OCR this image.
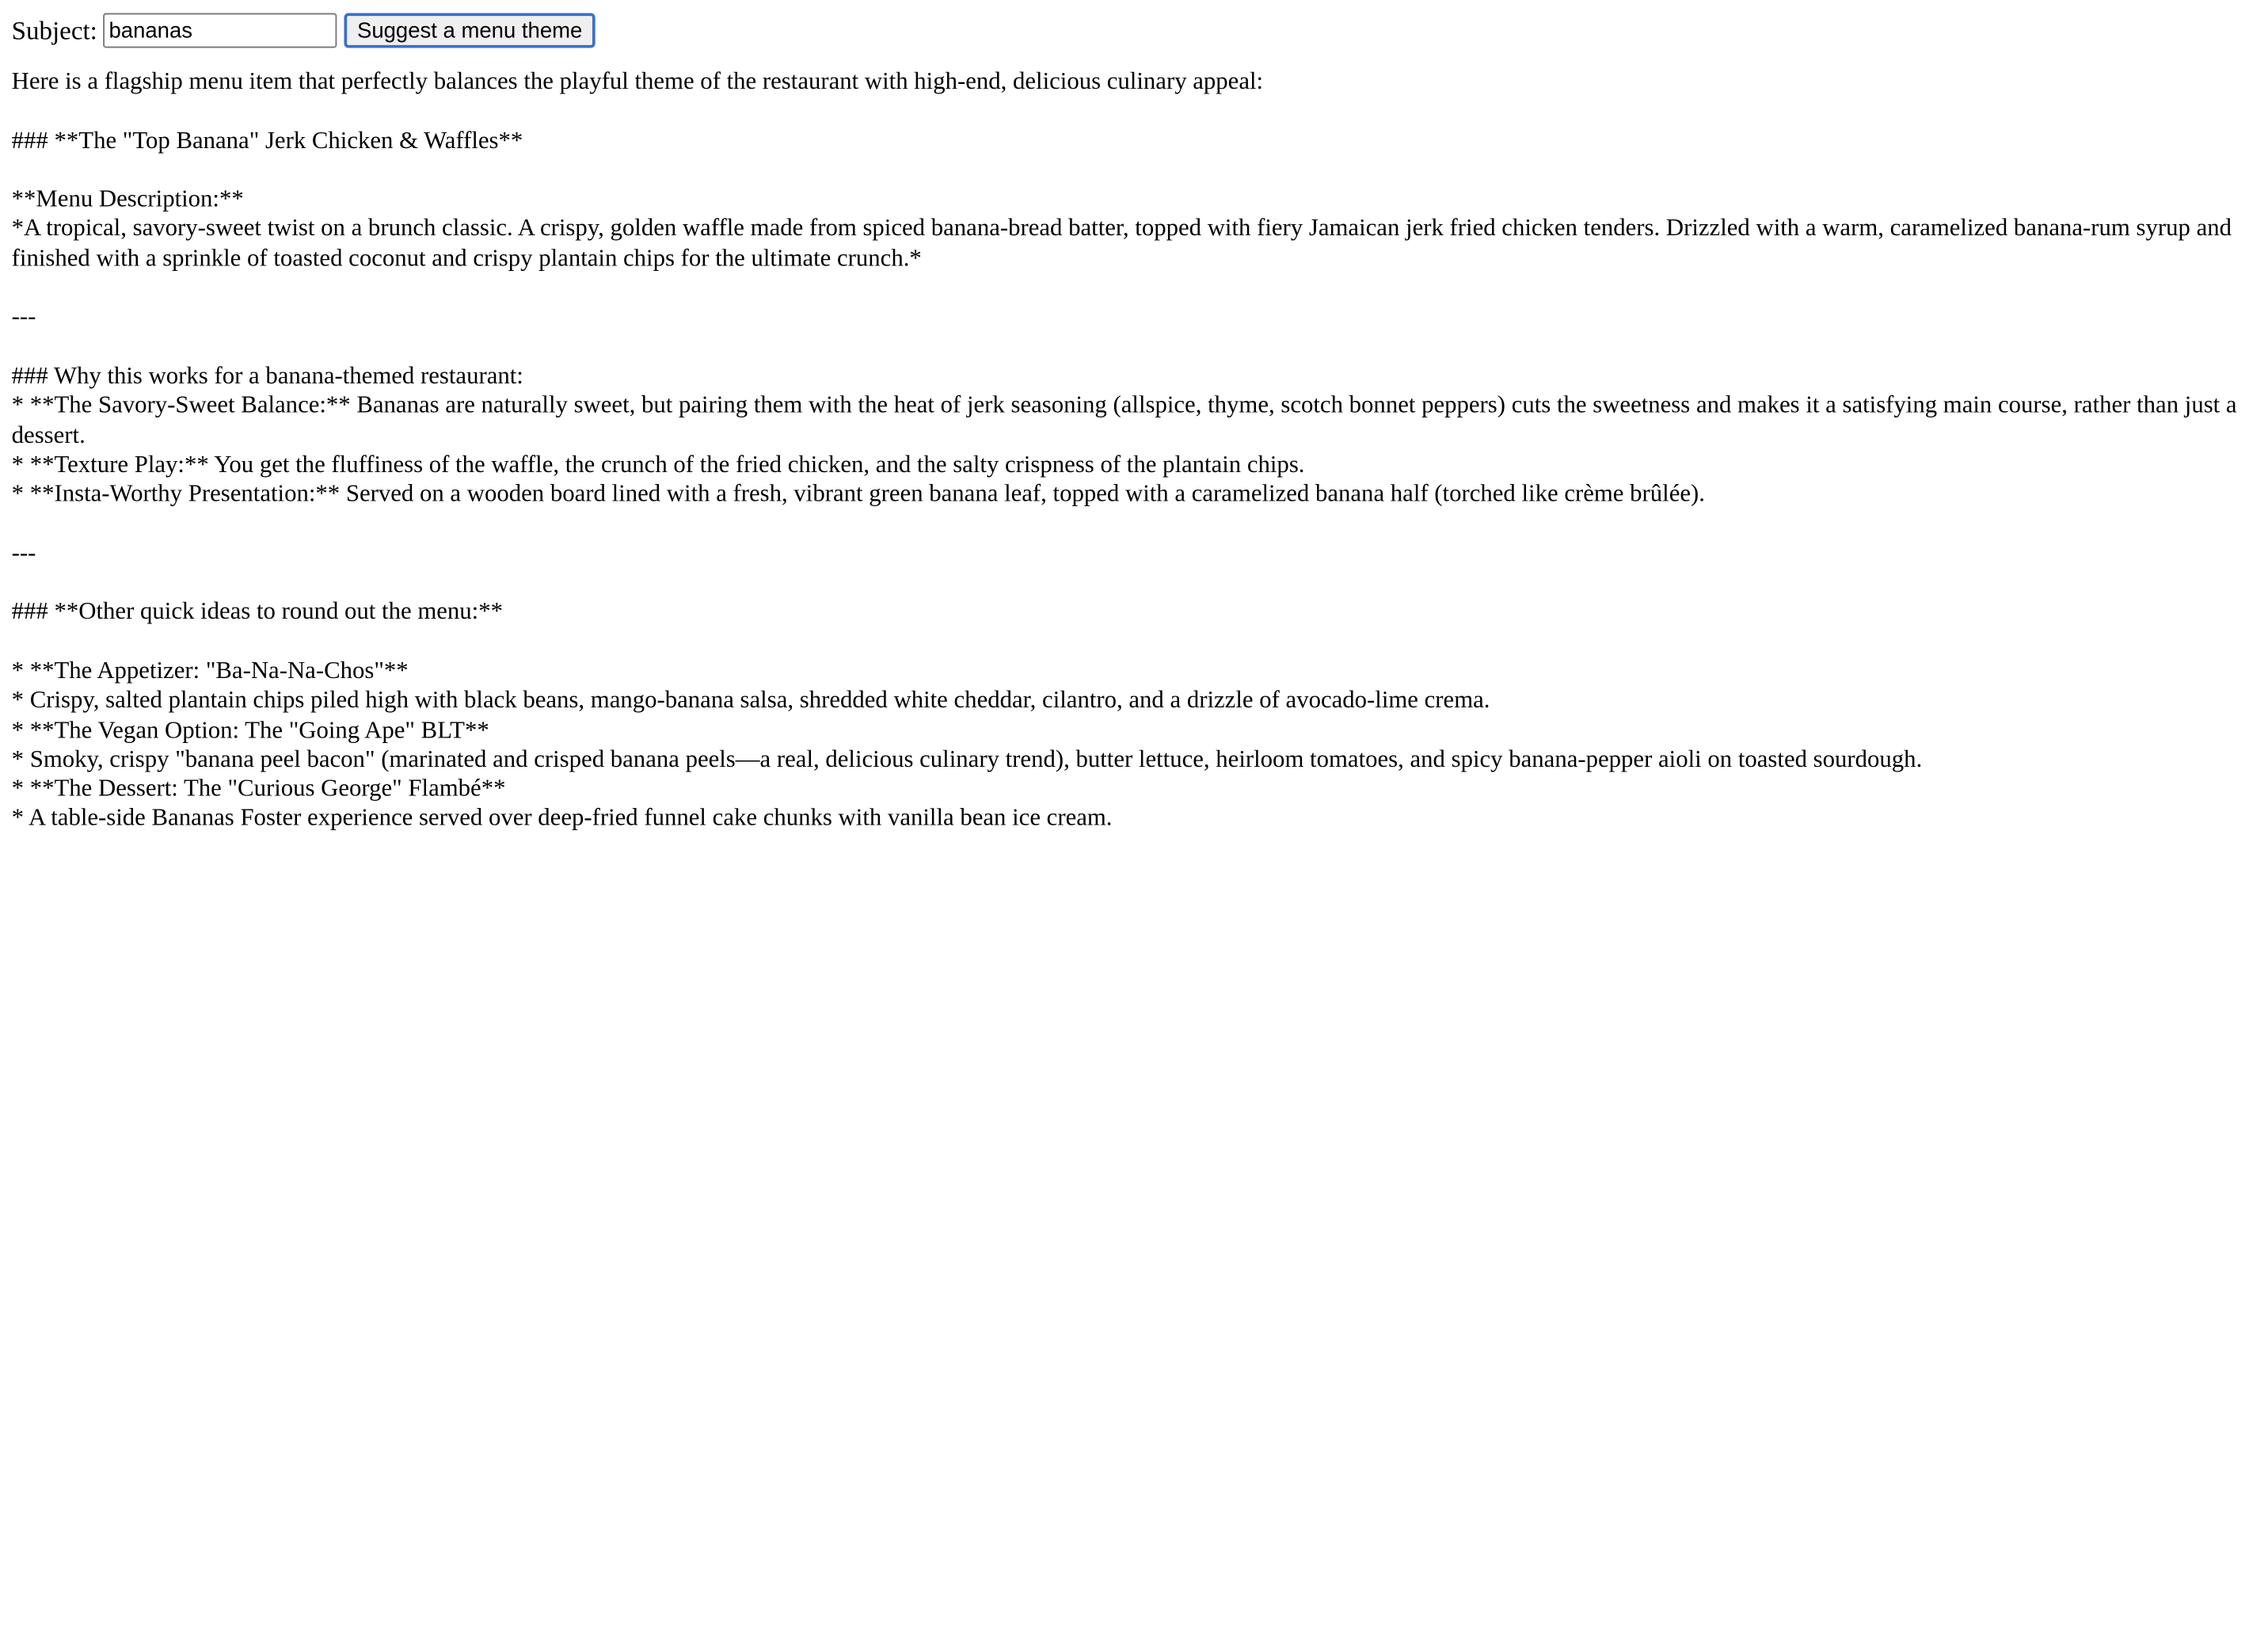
Subject:
bananas	Suggest a menu theme
Here is a flagship menu item that perfectly balances the playful theme of the restaurant with high-end, delicious culinary appeal:

### **The "Top Banana" Jerk Chicken & Waffles**

**Menu Description:**
*A tropical, savory-sweet twist on a brunch classic. A crispy, golden waffle made from spiced banana-bread batter, topped with fiery Jamaican jerk fried chicken tenders. Drizzled with a warm, caramelized banana-rum syrup and finished with a sprinkle of toasted coconut and crispy plantain chips for the ultimate crunch.*

---

### Why this works for a banana-themed restaurant:
* **The Savory-Sweet Balance:** Bananas are naturally sweet, but pairing them with the heat of jerk seasoning (allspice, thyme, scotch bonnet peppers) cuts the sweetness and makes it a satisfying main course, rather than just a dessert.
* **Texture Play:** You get the fluffiness of the waffle, the crunch of the fried chicken, and the salty crispness of the plantain chips.
* **Insta-Worthy Presentation:** Served on a wooden board lined with a fresh, vibrant green banana leaf, topped with a caramelized banana half (torched like crème brûlée).

---

### **Other quick ideas to round out the menu:**

* **The Appetizer: "Ba-Na-Na-Chos"**
* Crispy, salted plantain chips piled high with black beans, mango-banana salsa, shredded white cheddar, cilantro, and a drizzle of avocado-lime crema.
* **The Vegan Option: The "Going Ape" BLT**
* Smoky, crispy "banana peel bacon" (marinated and crisped banana peels—a real, delicious culinary trend), butter lettuce, heirloom tomatoes, and spicy banana-pepper aioli on toasted sourdough.
* **The Dessert: The "Curious George" Flambé**
* A table-side Bananas Foster experience served over deep-fried funnel cake chunks with vanilla bean ice cream.
